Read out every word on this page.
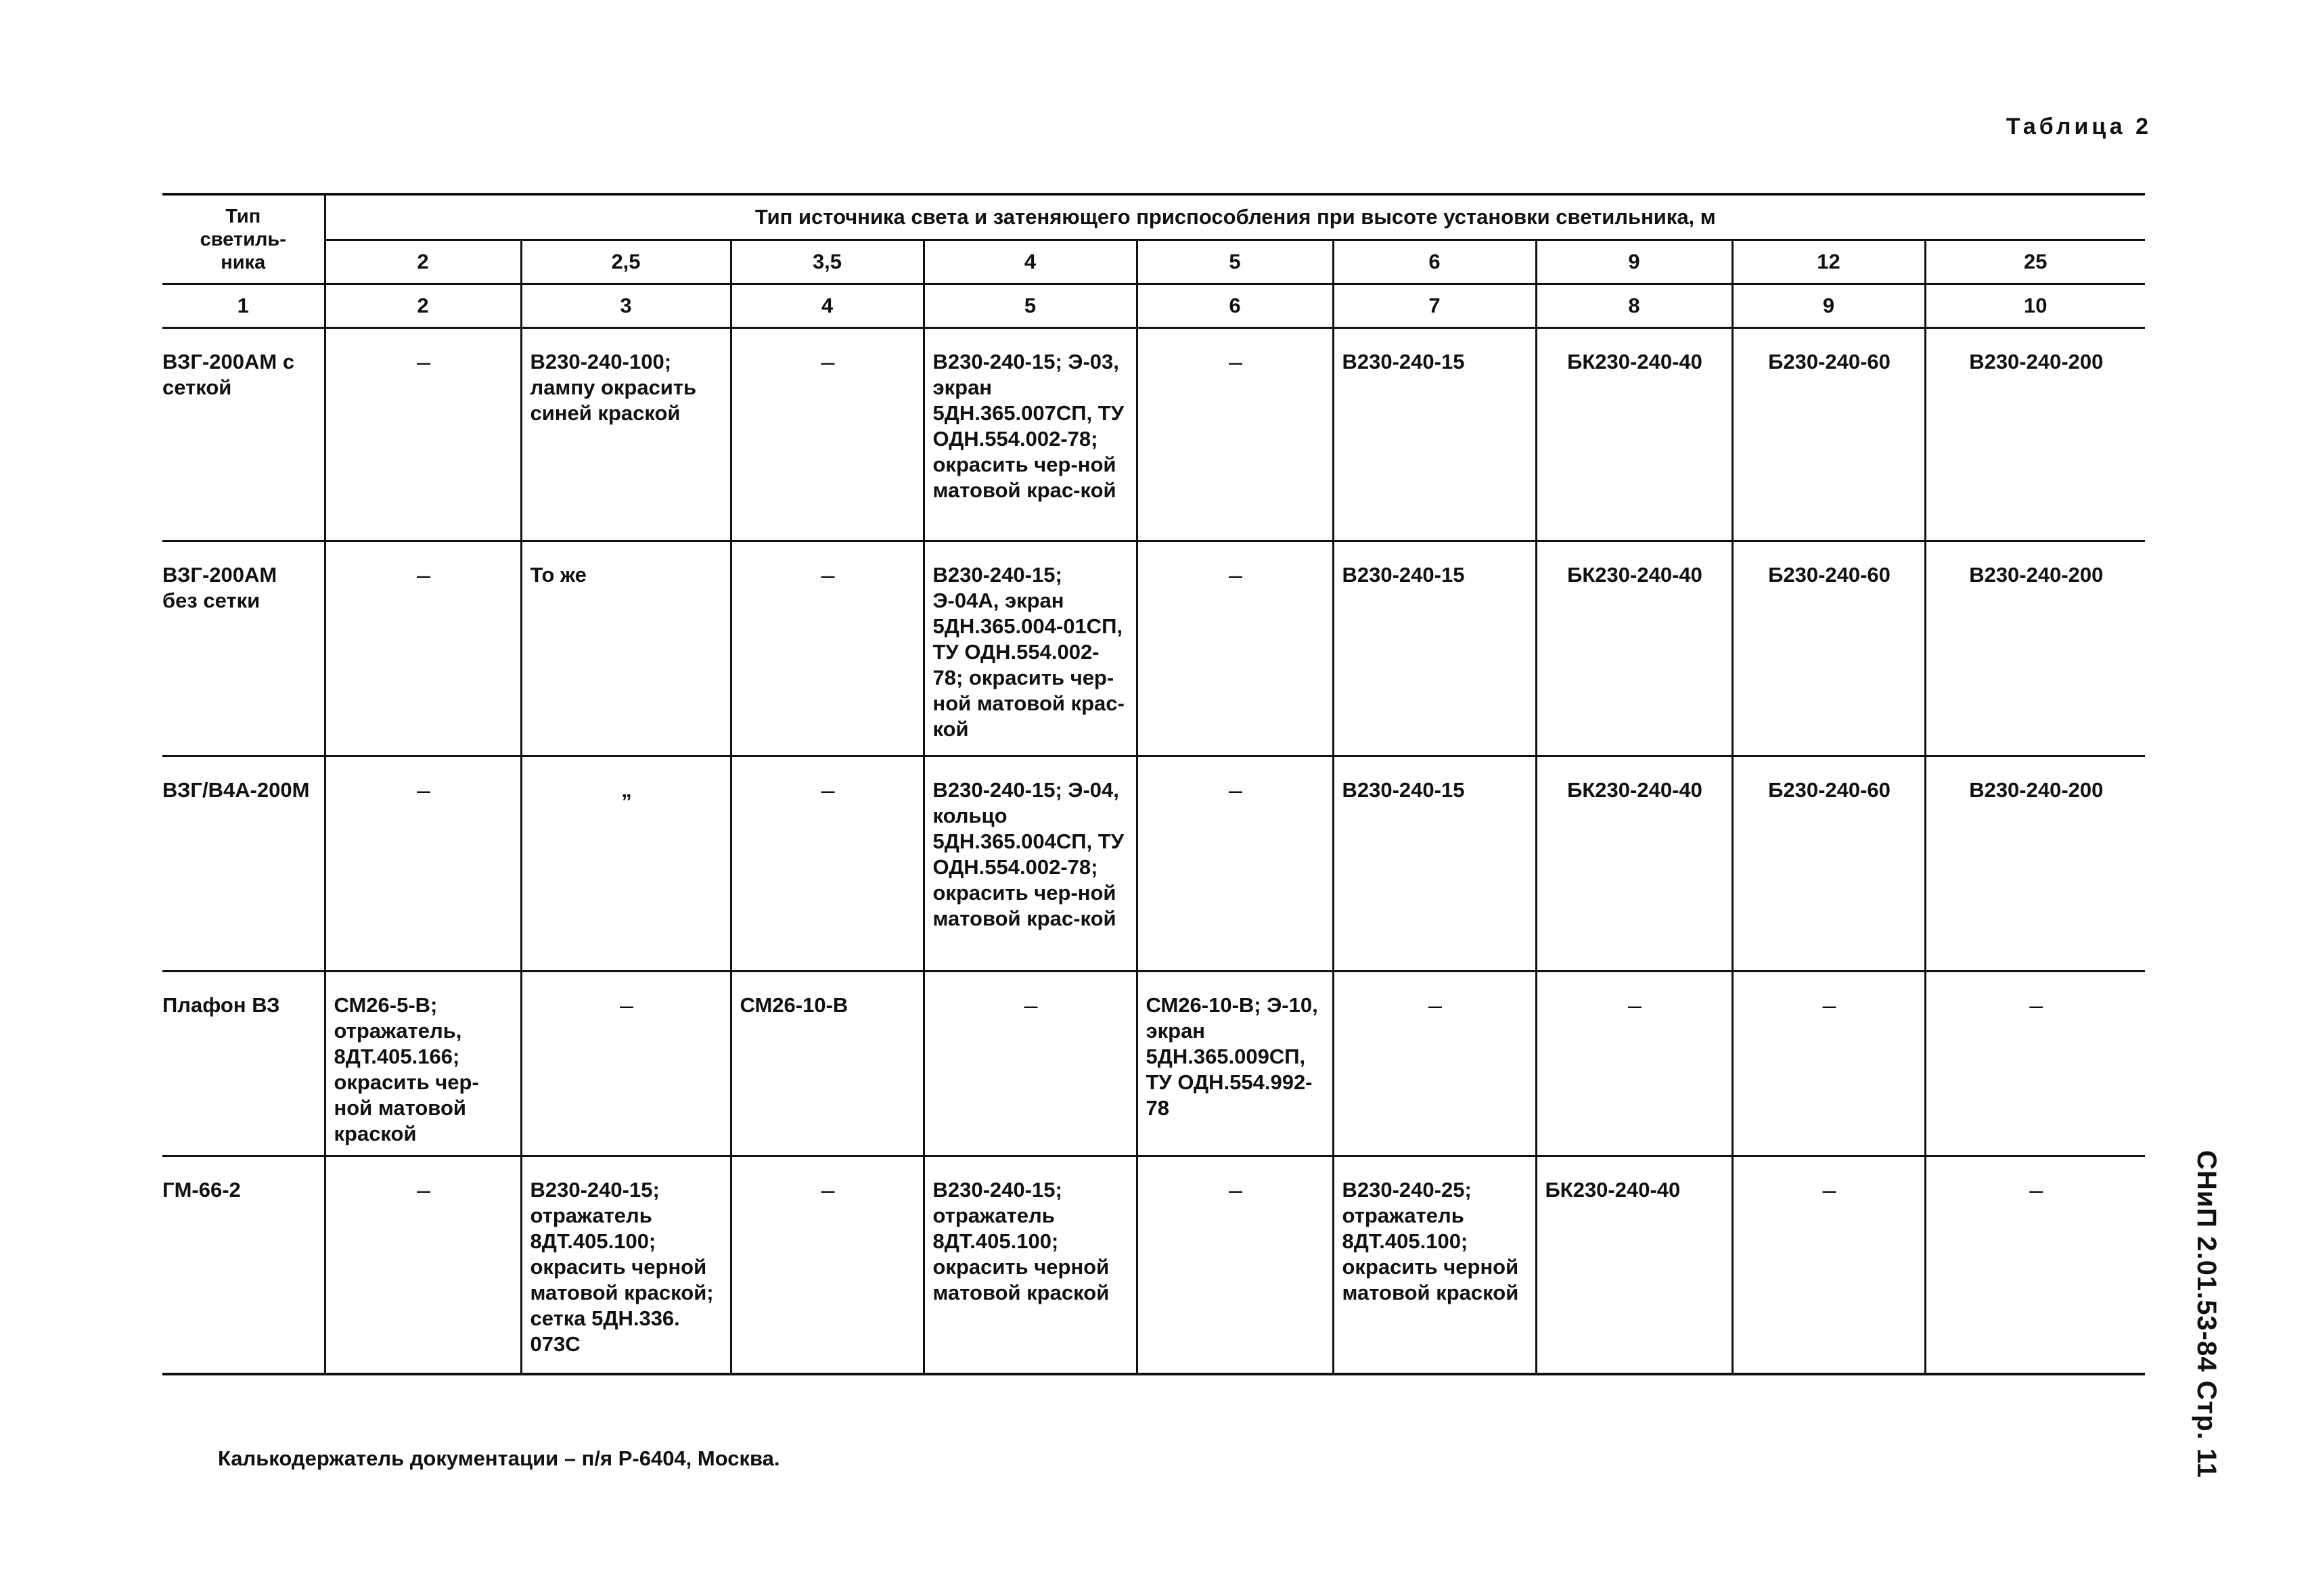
Таблица 2
Тип светиль-ника	Тип источника света и затеняющего приспособления при высоте установки светильника, м								
	2	2,5	3,5	4	5	6	9	12	25
1	2	3	4	5	6	7	8	9	10
ВЗГ-200АМ с сеткой	–	В230-240-100; лампу окрасить синей краской	–	В230-240-15; Э-03, экран 5ДН.365.007СП, ТУ ОДН.554.002-78; окрасить чер-ной матовой крас-кой	–	В230-240-15	БК230-240-40	Б230-240-60	В230-240-200
ВЗГ-200АМ без сетки	–	То же	–	В230-240-15; Э-04А, экран 5ДН.365.004-01СП, ТУ ОДН.554.002-78; окрасить чер-ной матовой крас-кой	–	В230-240-15	БК230-240-40	Б230-240-60	В230-240-200
ВЗГ/В4А-200М	–	„	–	В230-240-15; Э-04, кольцо 5ДН.365.004СП, ТУ ОДН.554.002-78; окрасить чер-ной матовой крас-кой	–	В230-240-15	БК230-240-40	Б230-240-60	В230-240-200
Плафон ВЗ	СМ26-5-В; отражатель, 8ДТ.405.166; окрасить чер-ной матовой краской	–	СМ26-10-В	–	СМ26-10-В; Э-10, экран 5ДН.365.009СП, ТУ ОДН.554.992-78	–	–	–	–
ГМ-66-2	–	В230-240-15; отражатель 8ДТ.405.100; окрасить черной матовой краской; сетка 5ДН.336. 073С	–	В230-240-15; отражатель 8ДТ.405.100; окрасить черной матовой краской	–	В230-240-25; отражатель 8ДТ.405.100; окрасить черной матовой краской	БК230-240-40	–	–	СНиП 2.01.53-84 Стр. 11
Калькодержатель документации – п/я Р-6404, Москва.
